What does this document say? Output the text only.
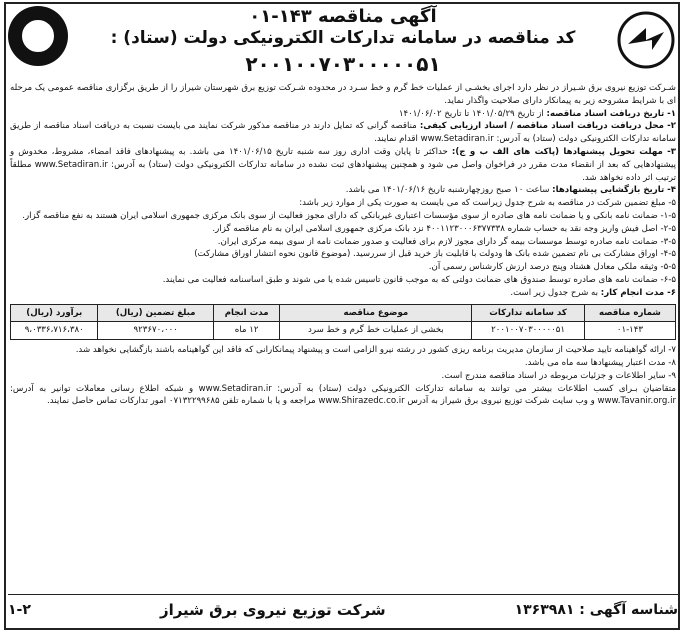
آگهی مناقصه ۱۴۳-۰۱
کد مناقصه در سامانه تدارکات الکترونیکی دولت (ستاد) :
۲۰۰۱۰۰۷۰۳۰۰۰۰۰۵۱

شـرکت توزیع نیروی برق شـیراز در نظر دارد اجرای بخشـی از عملیات خط گرم و خط سـرد در محدوده شـرکت توزیع برق شهرستان شیراز را از طریق برگزاری مناقصه عمومی یک مرحله ای با شرایط مشروحه زیر به پیمانکار دارای صلاحیت واگذار نماید.

۱- تاریخ دریافت اسناد مناقصه: از تاریخ ۱۴۰۱/۰۵/۲۹ تا تاریخ ۱۴۰۱/۰۶/۰۲

۲- محل دریافت دریافت اسناد مناقصه / اسناد ارزیابی کیفی: مناقصه گرانی که تمایل دارند در مناقصه مذکور شرکت نمایند می بایست نسبت به دریافت اسناد مناقصه از طریق سامانه تدارکات الکترونیکی دولت (ستاد) به آدرس: www.Setadiran.ir اقدام نمایند.

۳- مهلت تحویل پیشنهادها (پاکت های الف ب و ج): حداکثر تا پایان وقت اداری روز سه شنبه تاریخ ۱۴۰۱/۰۶/۱۵ می باشد. به پیشنهادهای فاقد امضاء، مشروط، مخدوش و پیشنهادهایی که بعد از انقضاء مدت مقرر در فراخوان واصل می شود و همچنین پیشنهادهای ثبت نشده در سامانه تدارکات الکترونیکی دولت (ستاد) به آدرس: www.Setadiran.ir مطلقاً ترتیب اثر داده نخواهد شد.

۴- تاریخ بازگشایی پیشنهادها: ساعت ۱۰ صبح روزچهارشنبه تاریخ ۱۴۰۱/۰۶/۱۶ می باشد.

۵- مبلغ تضمین شرکت در مناقصه به شرح جدول زیراست که می بایست به صورت یکی از موارد زیر باشد:

۱-۵- ضمانت نامه بانکی و یا ضمانت نامه های صادره از سوی مؤسسات اعتباری غیربانکی که دارای مجوز فعالیت از سوی بانک مرکزی جمهوری اسلامی ایران هستند به نفع مناقصه گزار.

۲-۵- اصل فیش واریز وجه نقد به حساب شماره ۴۰۰۱۱۲۳۰۰۰۶۳۷۷۳۳۸ نزد بانک مرکزی جمهوری اسلامی ایران به نام مناقصه گزار.

۳-۵- ضمانت نامه صادره توسط موسسات بیمه گر دارای مجوز لازم برای فعالیت و صدور ضمانت نامه از سوی بیمه مرکزی ایران.

۴-۵- اوراق مشارکت بی نام تضمین شده بانک ها ودولت با قابلیت باز خرید قبل از سررسید. (موضوع قانون نحوه انتشار اوراق مشارکت)

۵-۵- وثیقه ملکی معادل هشتاد وپنج درصد ارزش کارشناس رسمی آن.

۶-۵- ضمانت نامه های صادره توسط صندوق های ضمانت دولتی که به موجب قانون تاسیس شده یا می شوند و طبق اساسنامه فعالیت می نمایند.

۶- مدت انجام کار: به شرح جدول زیر است.

شماره مناقصه	کد سامانه تدارکات	موضوع مناقصه	مدت انجام	مبلغ تضمین (ریال)	برآورد (ریال)
۰۱-۱۴۳	۲۰۰۱۰۰۷۰۳۰۰۰۰۰۵۱	بخشی از عملیات خط گرم و خط سرد	۱۲ ماه	۹۲۳۶۷۰،۰۰۰	۹،۰۳۳۶،۷۱۶،۳۸۰

۷- ارائه گواهینامه تایید صلاحیت از سازمان مدیریت برنامه ریزی کشور در رشته نیرو الزامی است و پیشنهاد پیمانکارانی که فاقد این گواهینامه باشند بازگشایی نخواهد شد.

۸- مدت اعتبار پیشنهادها سه ماه می باشد.

۹- سایر اطلاعات و جزئیات مربوطه در اسناد مناقصه مندرج است.

متقاضیان بـرای کسب اطلاعات بیشتر می توانند به سامانه تدارکات الکترونیکی دولت (ستاد) به آدرس: www.Setadiran.ir و شبکه اطلاع رسانی معاملات توانیر به آدرس: www.Tavanir.org.ir و وب سایت شرکت توزیع نیروی برق شیراز به آدرس www.Shirazedc.co.ir مراجعه و یا با شماره تلفن ۰۷۱۳۲۲۹۹۶۸۵ امور تدارکات تماس حاصل نمایند.

شناسه آگهی : ۱۳۶۳۹۸۱
شرکت توزیع نیروی برق شیراز
۱-۲
